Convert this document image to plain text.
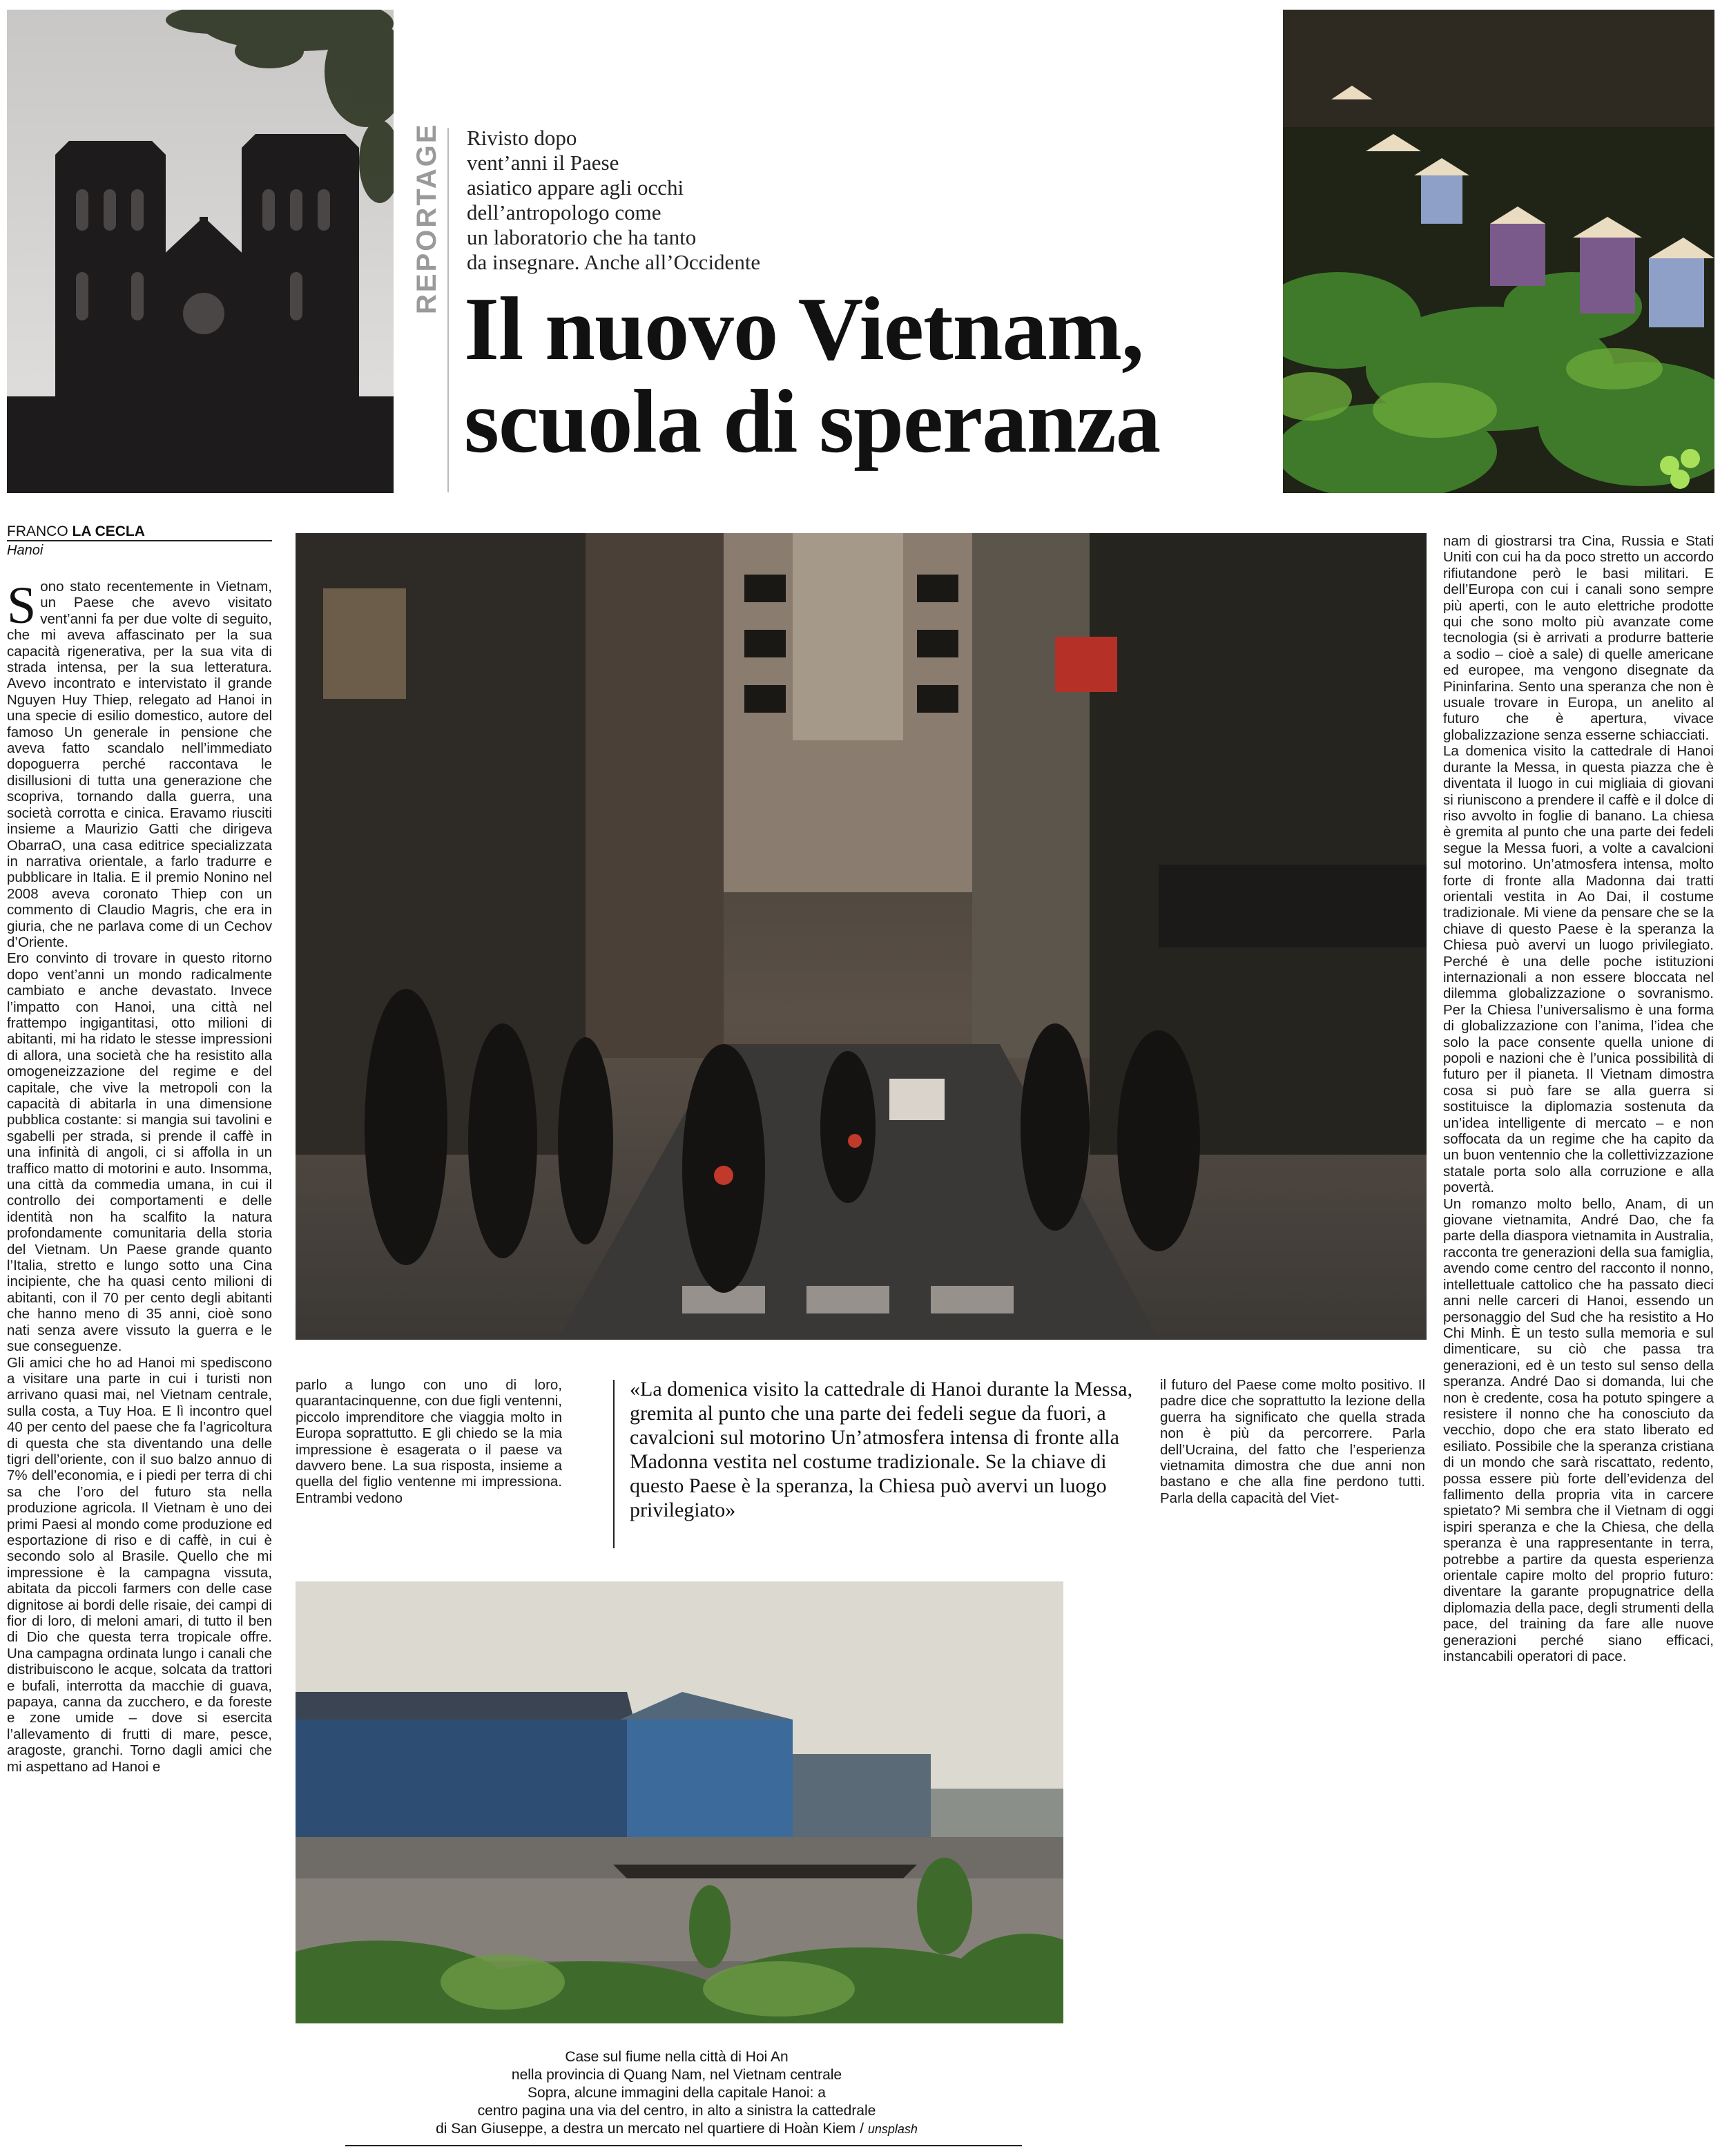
REPORTAGE Rivisto dopo
vent’anni il Paese
asiatico appare agli occhi
dell’antropologo come
un laboratorio che ha tanto
da insegnare. Anche all’Occidente
Il nuovo Vietnam,
scuola di speranza
FRANCO LA CECLA
Hanoi

Sono stato recentemente in Vietnam, un Paese che avevo visitato vent’anni fa per due volte di seguito, che mi aveva affascinato per la sua capacità rigenerativa, per la sua vita di strada intensa, per la sua letteratura. Avevo incontrato e intervistato il grande Nguyen Huy Thiep, relegato ad Hanoi in una specie di esilio domestico, autore del famoso Un generale in pensione che aveva fatto scandalo nell’immediato dopoguerra perché raccontava le disillusioni di tutta una generazione che scopriva, tornando dalla guerra, una società corrotta e cinica. Eravamo riusciti insieme a Maurizio Gatti che dirigeva ObarraO, una casa editrice specializzata in narrativa orientale, a farlo tradurre e pubblicare in Italia. E il premio Nonino nel 2008 aveva coronato Thiep con un commento di Claudio Magris, che era in giuria, che ne parlava come di un Cechov d’Oriente.

Ero convinto di trovare in questo ritorno dopo vent’anni un mondo radicalmente cambiato e anche devastato. Invece l’impatto con Hanoi, una città nel frattempo ingigantitasi, otto milioni di abitanti, mi ha ridato le stesse impressioni di allora, una società che ha resistito alla omogeneizzazione del regime e del capitale, che vive la metropoli con la capacità di abitarla in una dimensione pubblica costante: si mangia sui tavolini e sgabelli per strada, si prende il caffè in una infinità di angoli, ci si affolla in un traffico matto di motorini e auto. Insomma, una città da commedia umana, in cui il controllo dei comportamenti e delle identità non ha scalfito la natura profondamente comunitaria della storia del Vietnam. Un Paese grande quanto l’Italia, stretto e lungo sotto una Cina incipiente, che ha quasi cento milioni di abitanti, con il 70 per cento degli abitanti che hanno meno di 35 anni, cioè sono nati senza avere vissuto la guerra e le sue conseguenze.

Gli amici che ho ad Hanoi mi spediscono a visitare una parte in cui i turisti non arrivano quasi mai, nel Vietnam centrale, sulla costa, a Tuy Hoa. E lì incontro quel 40 per cento del paese che fa l’agricoltura di questa che sta diventando una delle tigri dell’oriente, con il suo balzo annuo di 7% dell’economia, e i piedi per terra di chi sa che l’oro del futuro sta nella produzione agricola. Il Vietnam è uno dei primi Paesi al mondo come produzione ed esportazione di riso e di caffè, in cui è secondo solo al Brasile. Quello che mi impressione è la campagna vissuta, abitata da piccoli farmers con delle case dignitose ai bordi delle risaie, dei campi di fior di loro, di meloni amari, di tutto il ben di Dio che questa terra tropicale offre. Una campagna ordinata lungo i canali che distribuiscono le acque, solcata da trattori e bufali, interrotta da macchie di guava, papaya, canna da zucchero, e da foreste e zone umide – dove si esercita l’allevamento di frutti di mare, pesce, aragoste, granchi. Torno dagli amici che mi aspettano ad Hanoi e

parlo a lungo con uno di loro, quarantacinquenne, con due figli ventenni, piccolo imprenditore che viaggia molto in Europa soprattutto. E gli chiedo se la mia impressione è esagerata o il paese va davvero bene. La sua risposta, insieme a quella del figlio ventenne mi impressiona. Entrambi vedono
«La domenica visito la cattedrale di Hanoi durante la Messa, gremita al punto che una parte dei fedeli segue da fuori, a cavalcioni sul motorino Un’atmosfera intensa di fronte alla Madonna vestita nel costume tradizionale. Se la chiave di questo Paese è la speranza, la Chiesa può avervi un luogo privilegiato»
il futuro del Paese come molto positivo. Il padre dice che soprattutto la lezione della guerra ha significato che quella strada non è più da percorrere. Parla dell’Ucraina, del fatto che l’esperienza vietnamita dimostra che due anni non bastano e che alla fine perdono tutti. Parla della capacità del Viet-
Case sul fiume nella città di Hoi An
nella provincia di Quang Nam, nel Vietnam centrale
Sopra, alcune immagini della capitale Hanoi: a
centro pagina una via del centro, in alto a sinistra la cattedrale
di San Giuseppe, a destra un mercato nel quartiere di Hoàn Kiem / unsplash

nam di giostrarsi tra Cina, Russia e Stati Uniti con cui ha da poco stretto un accordo rifiutandone però le basi militari. E dell’Europa con cui i canali sono sempre più aperti, con le auto elettriche prodotte qui che sono molto più avanzate come tecnologia (si è arrivati a produrre batterie a sodio – cioè a sale) di quelle americane ed europee, ma vengono disegnate da Pininfarina. Sento una speranza che non è usuale trovare in Europa, un anelito al futuro che è apertura, vivace globalizzazione senza esserne schiacciati.

La domenica visito la cattedrale di Hanoi durante la Messa, in questa piazza che è diventata il luogo in cui migliaia di giovani si riuniscono a prendere il caffè e il dolce di riso avvolto in foglie di banano. La chiesa è gremita al punto che una parte dei fedeli segue la Messa fuori, a volte a cavalcioni sul motorino. Un’atmosfera intensa, molto forte di fronte alla Madonna dai tratti orientali vestita in Ao Dai, il costume tradizionale. Mi viene da pensare che se la chiave di questo Paese è la speranza la Chiesa può avervi un luogo privilegiato. Perché è una delle poche istituzioni internazionali a non essere bloccata nel dilemma globalizzazione o sovranismo. Per la Chiesa l’universalismo è una forma di globalizzazione con l’anima, l’idea che solo la pace consente quella unione di popoli e nazioni che è l’unica possibilità di futuro per il pianeta. Il Vietnam dimostra cosa si può fare se alla guerra si sostituisce la diplomazia sostenuta da un’idea intelligente di mercato – e non soffocata da un regime che ha capito da un buon ventennio che la collettivizzazione statale porta solo alla corruzione e alla povertà.

Un romanzo molto bello, Anam, di un giovane vietnamita, André Dao, che fa parte della diaspora vietnamita in Australia, racconta tre generazioni della sua famiglia, avendo come centro del racconto il nonno, intellettuale cattolico che ha passato dieci anni nelle carceri di Hanoi, essendo un personaggio del Sud che ha resistito a Ho Chi Minh. È un testo sulla memoria e sul dimenticare, su ciò che passa tra generazioni, ed è un testo sul senso della speranza. André Dao si domanda, lui che non è credente, cosa ha potuto spingere a resistere il nonno che ha conosciuto da vecchio, dopo che era stato liberato ed esiliato. Possibile che la speranza cristiana di un mondo che sarà riscattato, redento, possa essere più forte dell’evidenza del fallimento della propria vita in carcere spietato? Mi sembra che il Vietnam di oggi ispiri speranza e che la Chiesa, che della speranza è una rappresentante in terra, potrebbe a partire da questa esperienza orientale capire molto del proprio futuro: diventare la garante propugnatrice della diplomazia della pace, degli strumenti della pace, del training da fare alle nuove generazioni perché siano efficaci, instancabili operatori di pace.
